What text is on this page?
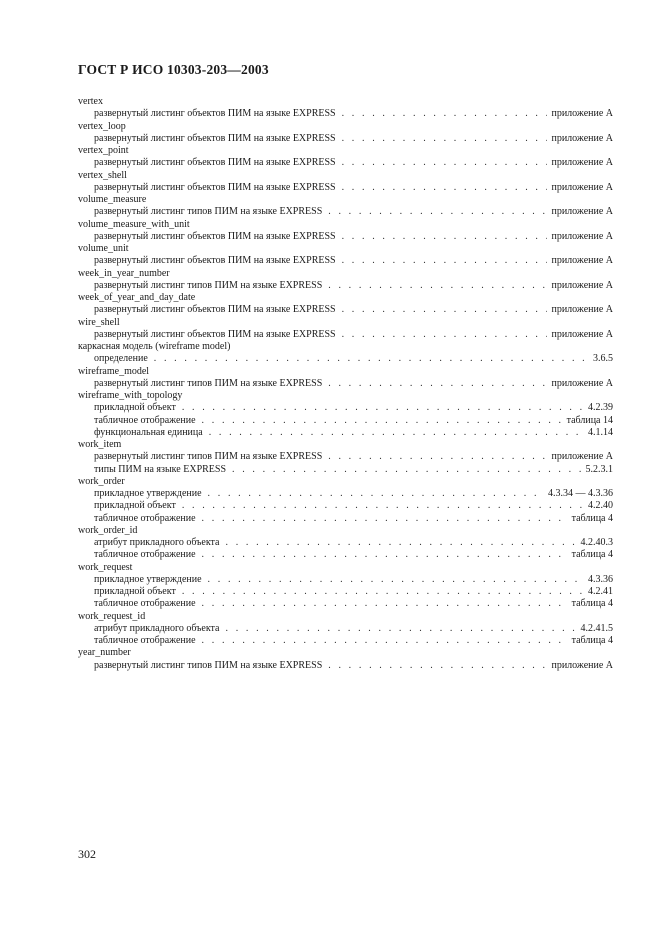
ГОСТ Р ИСО 10303-203—2003
vertex
развернутый листинг объектов ПИМ на языке EXPRESS . . .	приложение А
vertex_loop
развернутый листинг объектов ПИМ на языке EXPRESS . . .	приложение А
vertex_point
развернутый листинг объектов ПИМ на языке EXPRESS . . .	приложение А
vertex_shell
развернутый листинг объектов ПИМ на языке EXPRESS . . .	приложение А
volume_measure
развернутый листинг типов ПИМ на языке EXPRESS . . .	приложение А
volume_measure_with_unit
развернутый листинг объектов ПИМ на языке EXPRESS . . .	приложение А
volume_unit
развернутый листинг объектов ПИМ на языке EXPRESS . . .	приложение А
week_in_year_number
развернутый листинг типов ПИМ на языке EXPRESS . . .	приложение А
week_of_year_and_day_date
развернутый листинг объектов ПИМ на языке EXPRESS . . .	приложение А
wire_shell
развернутый листинг объектов ПИМ на языке EXPRESS . . .	приложение А
каркасная модель (wireframe model)
определение . . .	3.6.5
wireframe_model
развернутый листинг типов ПИМ на языке EXPRESS . . .	приложение А
wireframe_with_topology
прикладной объект . . .	4.2.39
табличное отображение . . .	таблица 14
функциональная единица . . .	4.1.14
work_item
развернутый листинг типов ПИМ на языке EXPRESS . . .	приложение А
типы ПИМ на языке EXPRESS . . .	5.2.3.1
work_order
прикладное утверждение . . .	4.3.34 — 4.3.36
прикладной объект . . .	4.2.40
табличное отображение . . .	таблица 4
work_order_id
атрибут прикладного объекта . . .	4.2.40.3
табличное отображение . . .	таблица 4
work_request
прикладное утверждение . . .	4.3.36
прикладной объект . . .	4.2.41
табличное отображение . . .	таблица 4
work_request_id
атрибут прикладного объекта . . .	4.2.41.5
табличное отображение . . .	таблица 4
year_number
развернутый листинг типов ПИМ на языке EXPRESS . . .	приложение А
302
